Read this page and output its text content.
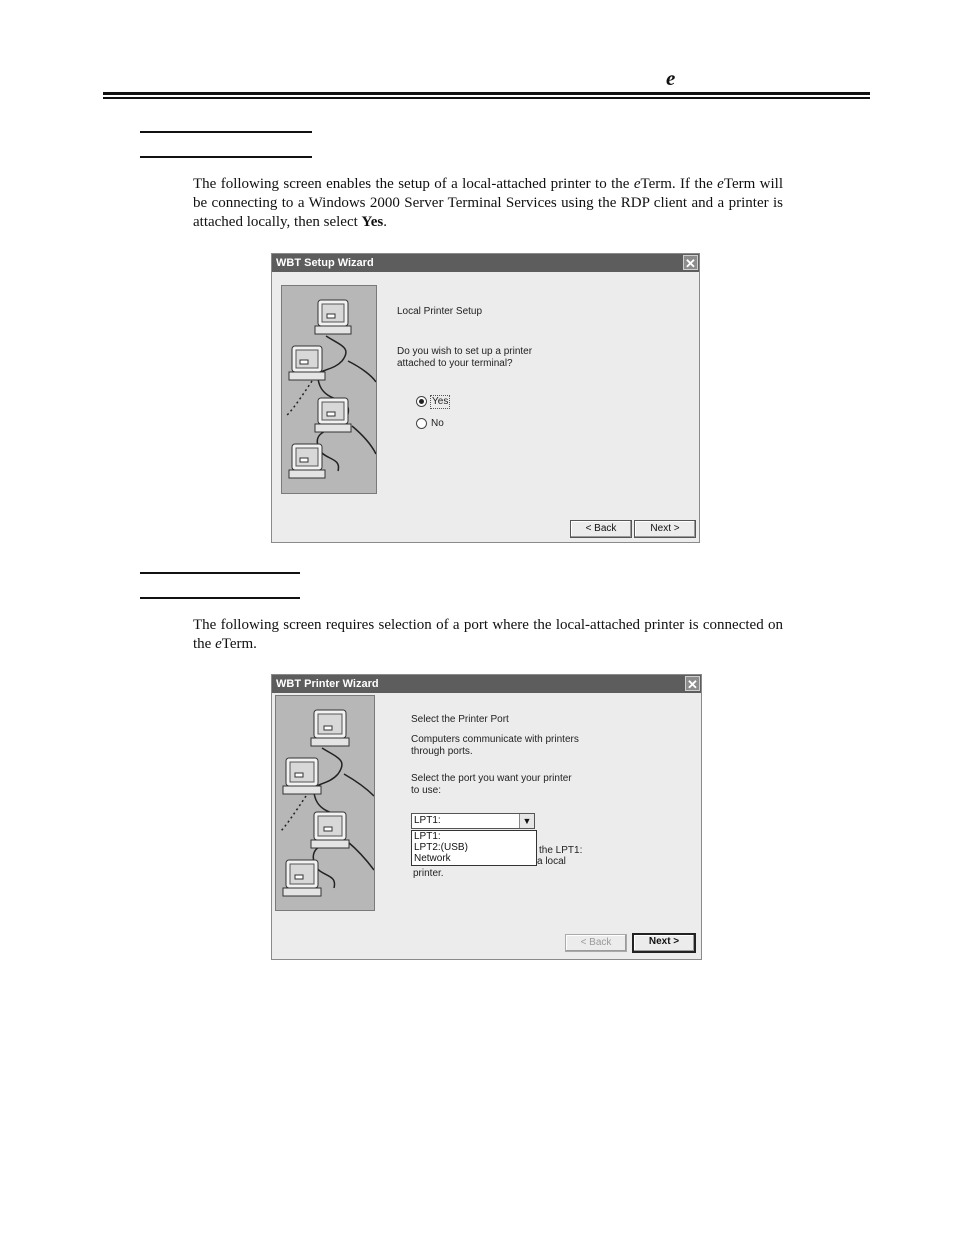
e
The following screen enables the setup of a local-attached printer to the eTerm. If the eTerm will be connecting to a Windows 2000 Server Terminal Services using the RDP client and a printer is attached locally, then select Yes.
WBT Setup Wizard	✕
Local Printer Setup
Do you wish to set up a printer
attached to your terminal?
Yes
No
< Back	Next >
The following screen requires selection of a port where the local-attached printer is connected on the eTerm.
WBT Printer Wizard	✕
Select the Printer Port
Computers communicate with printers
through ports.
Select the port you want your printer
to use:
LPT1:	▼
the LPT1:
a local
printer.
LPT1:
LPT2:(USB)
Network
< Back	Next >
